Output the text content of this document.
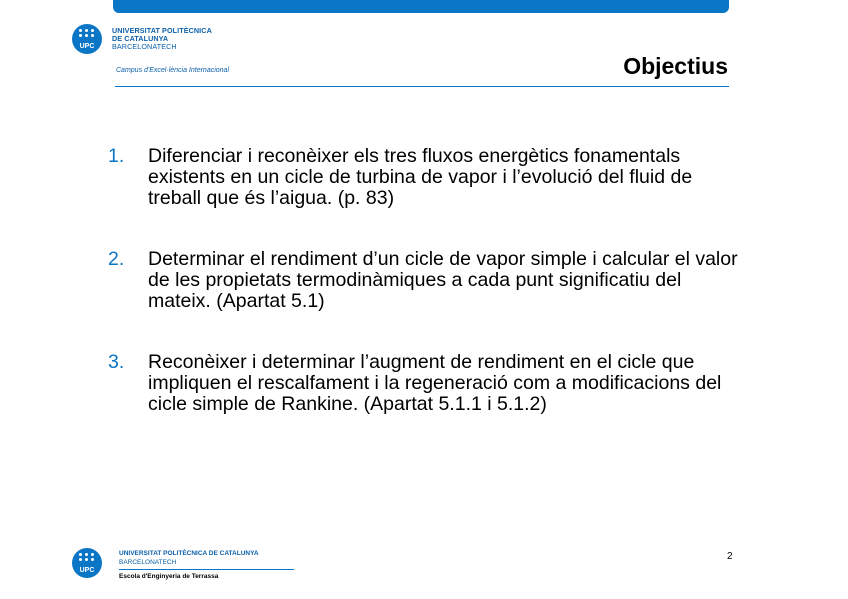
UPC
UNIVERSITAT POLITÈCNICA
DE CATALUNYA
BARCELONATECH
Campus d'Excel·lència Internacional	Objectius
1. Diferenciar i reconèixer els tres fluxos energètics fonamentals existents en un cicle de turbina de vapor i l’evolució del fluid de treball que és l’aigua. (p. 83)
2. Determinar el rendiment d’un cicle de vapor simple i calcular el valor de les propietats termodinàmiques a cada punt significatiu del mateix. (Apartat 5.1)
3. Reconèixer i determinar l’augment de rendiment en el cicle que impliquen el rescalfament i la regeneració com a modificacions del cicle simple de Rankine. (Apartat 5.1.1 i 5.1.2)
UPC
UNIVERSITAT POLITÈCNICA DE CATALUNYA
BARCELONATECH
Escola d'Enginyeria de Terrassa
2
